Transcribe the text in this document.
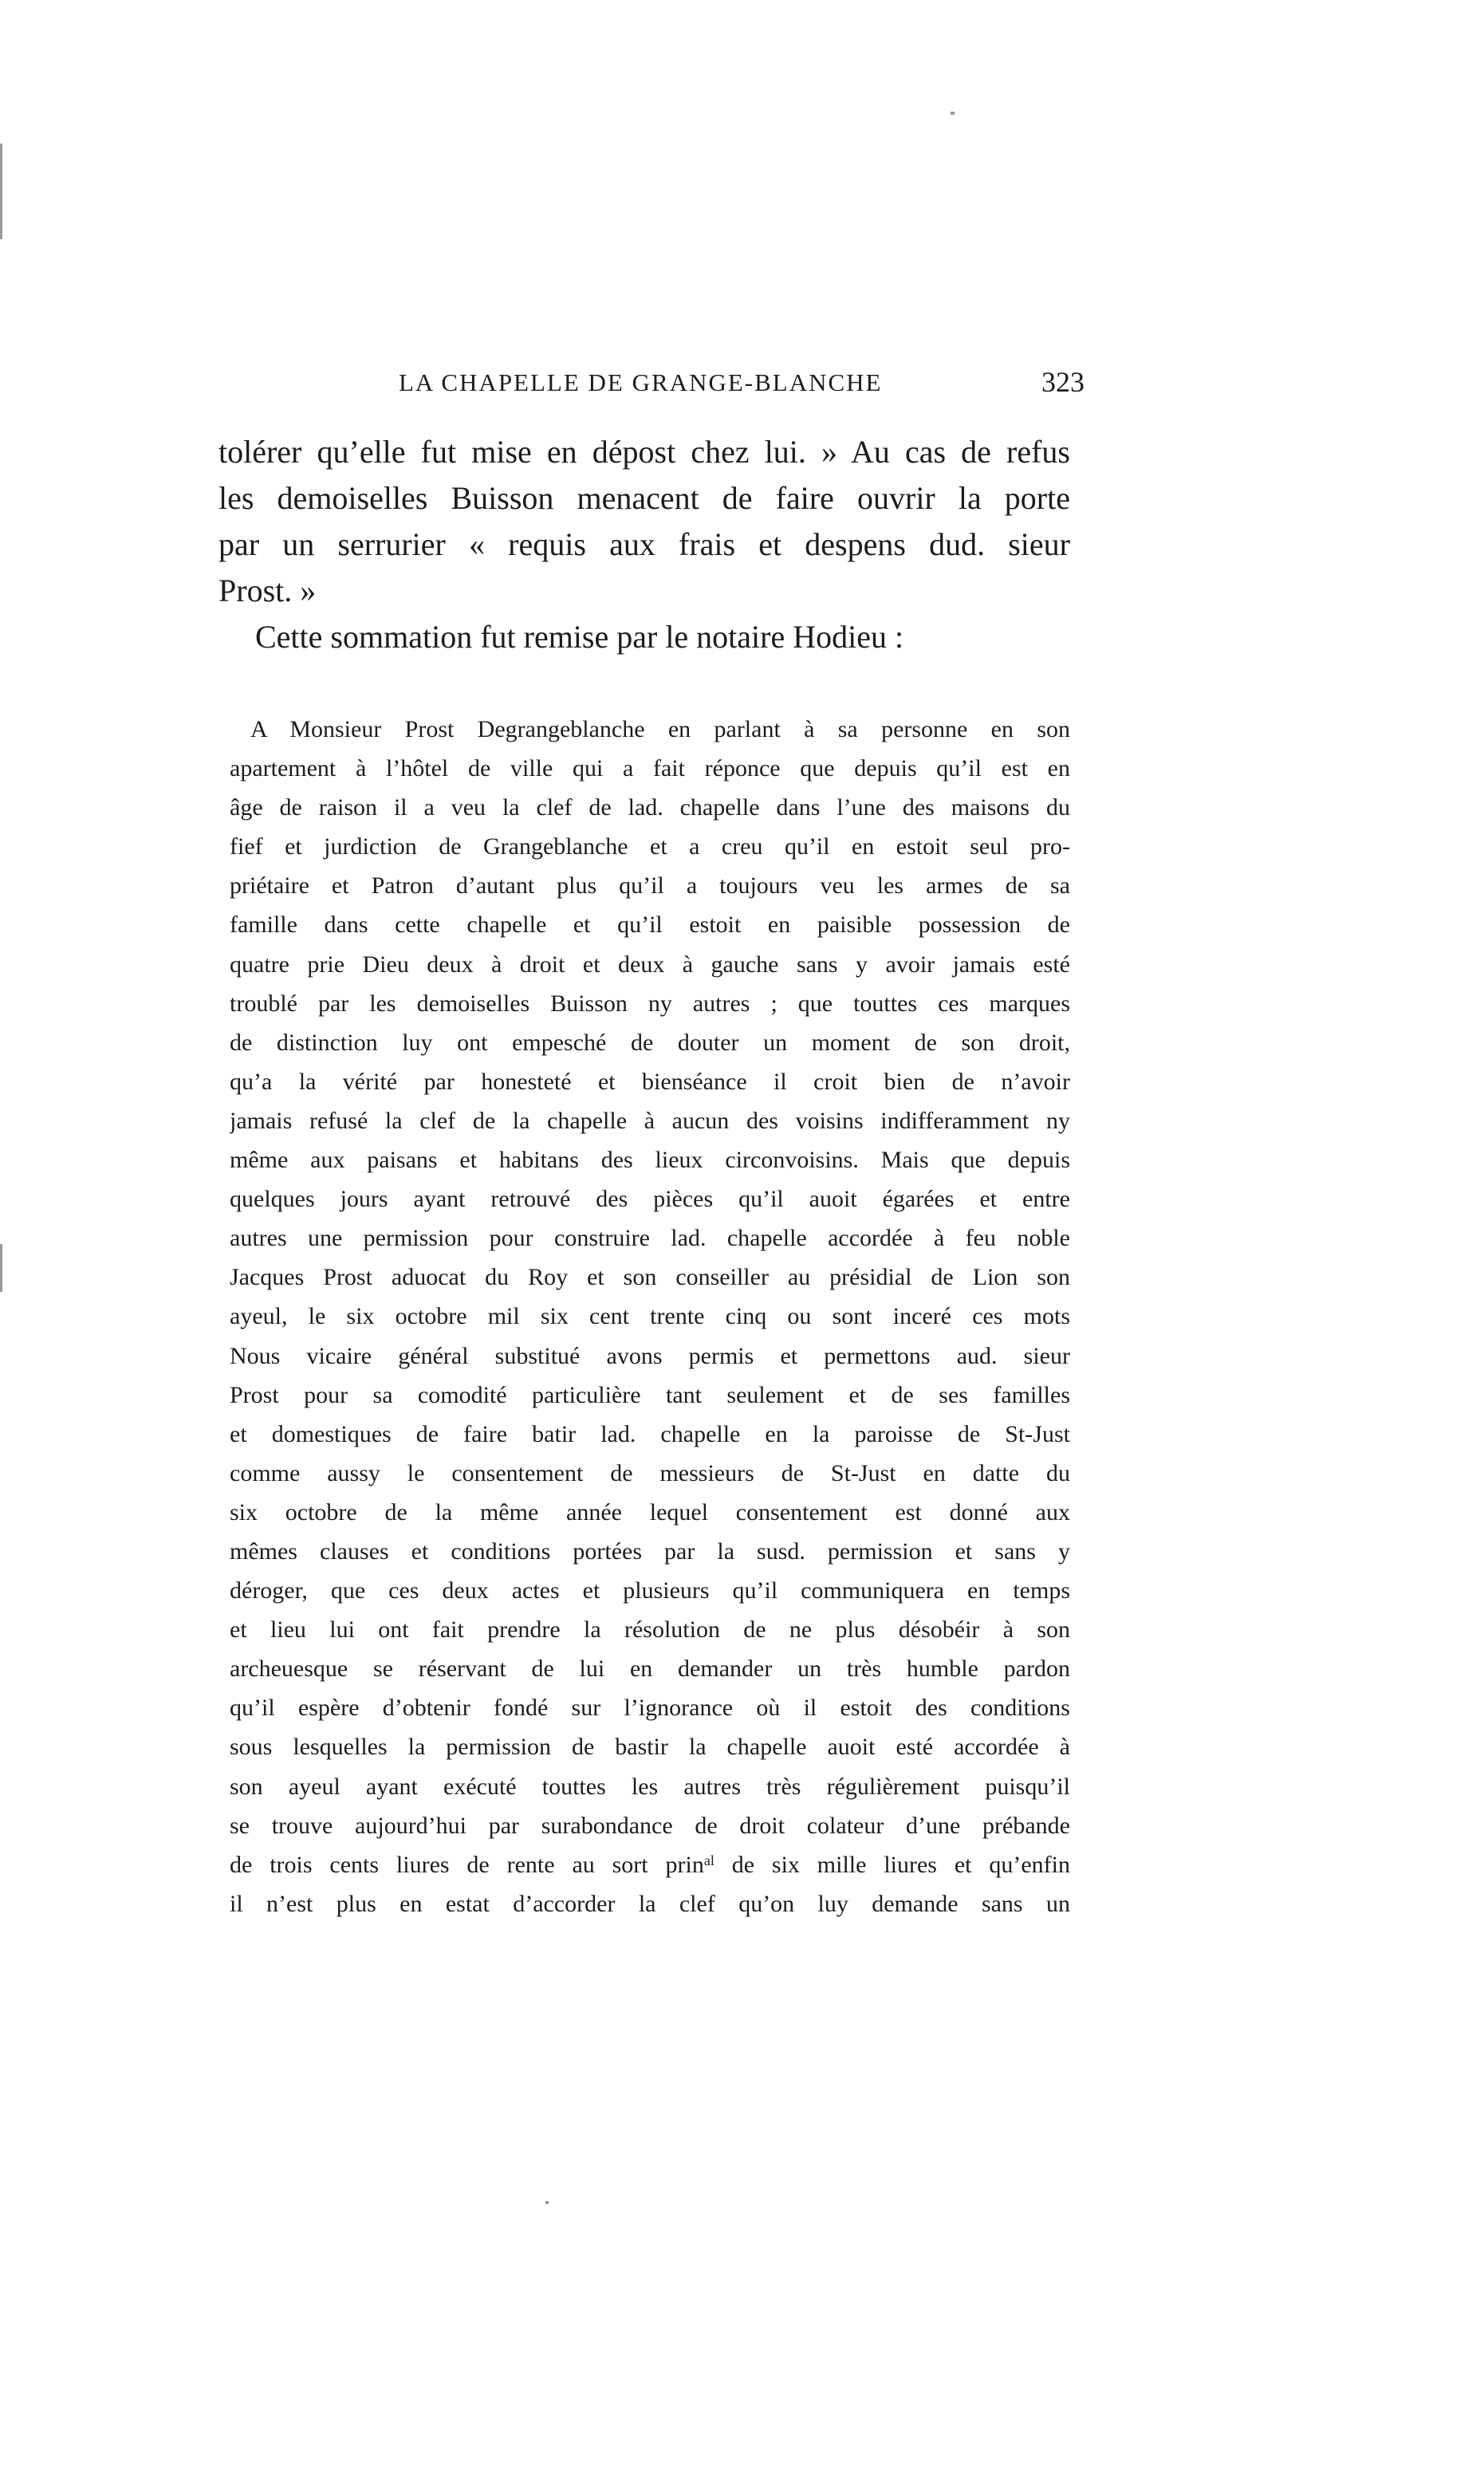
LA CHAPELLE DE GRANGE-BLANCHE	323
tolérer qu’elle fut mise en dépost chez lui. » Au cas de refus
les demoiselles Buisson menacent de faire ouvrir la porte
par un serrurier « requis aux frais et despens dud. sieur
Prost. »
Cette sommation fut remise par le notaire Hodieu :
A Monsieur Prost Degrangeblanche en parlant à sa personne en son
apartement à l’hôtel de ville qui a fait réponce que depuis qu’il est en
âge de raison il a veu la clef de lad. chapelle dans l’une des maisons du
fief et jurdiction de Grangeblanche et a creu qu’il en estoit seul pro-
priétaire et Patron d’autant plus qu’il a toujours veu les armes de sa
famille dans cette chapelle et qu’il estoit en paisible possession de
quatre prie Dieu deux à droit et deux à gauche sans y avoir jamais esté
troublé par les demoiselles Buisson ny autres ; que touttes ces marques
de distinction luy ont empesché de douter un moment de son droit,
qu’a la vérité par honesteté et bienséance il croit bien de n’avoir
jamais refusé la clef de la chapelle à aucun des voisins indifferamment ny
même aux paisans et habitans des lieux circonvoisins. Mais que depuis
quelques jours ayant retrouvé des pièces qu’il auoit égarées et entre
autres une permission pour construire lad. chapelle accordée à feu noble
Jacques Prost aduocat du Roy et son conseiller au présidial de Lion son
ayeul, le six octobre mil six cent trente cinq ou sont inceré ces mots
Nous vicaire général substitué avons permis et permettons aud. sieur
Prost pour sa comodité particulière tant seulement et de ses familles
et domestiques de faire batir lad. chapelle en la paroisse de St-Just
comme aussy le consentement de messieurs de St-Just en datte du
six octobre de la même année lequel consentement est donné aux
mêmes clauses et conditions portées par la susd. permission et sans y
déroger, que ces deux actes et plusieurs qu’il communiquera en temps
et lieu lui ont fait prendre la résolution de ne plus désobéir à son
archeuesque se réservant de lui en demander un très humble pardon
qu’il espère d’obtenir fondé sur l’ignorance où il estoit des conditions
sous lesquelles la permission de bastir la chapelle auoit esté accordée à
son ayeul ayant exécuté touttes les autres très régulièrement puisqu’il
se trouve aujourd’hui par surabondance de droit colateur d’une prébande
de trois cents liures de rente au sort prin$^{al}$ de six mille liures et qu’enfin
il n’est plus en estat d’accorder la clef qu’on luy demande sans un
